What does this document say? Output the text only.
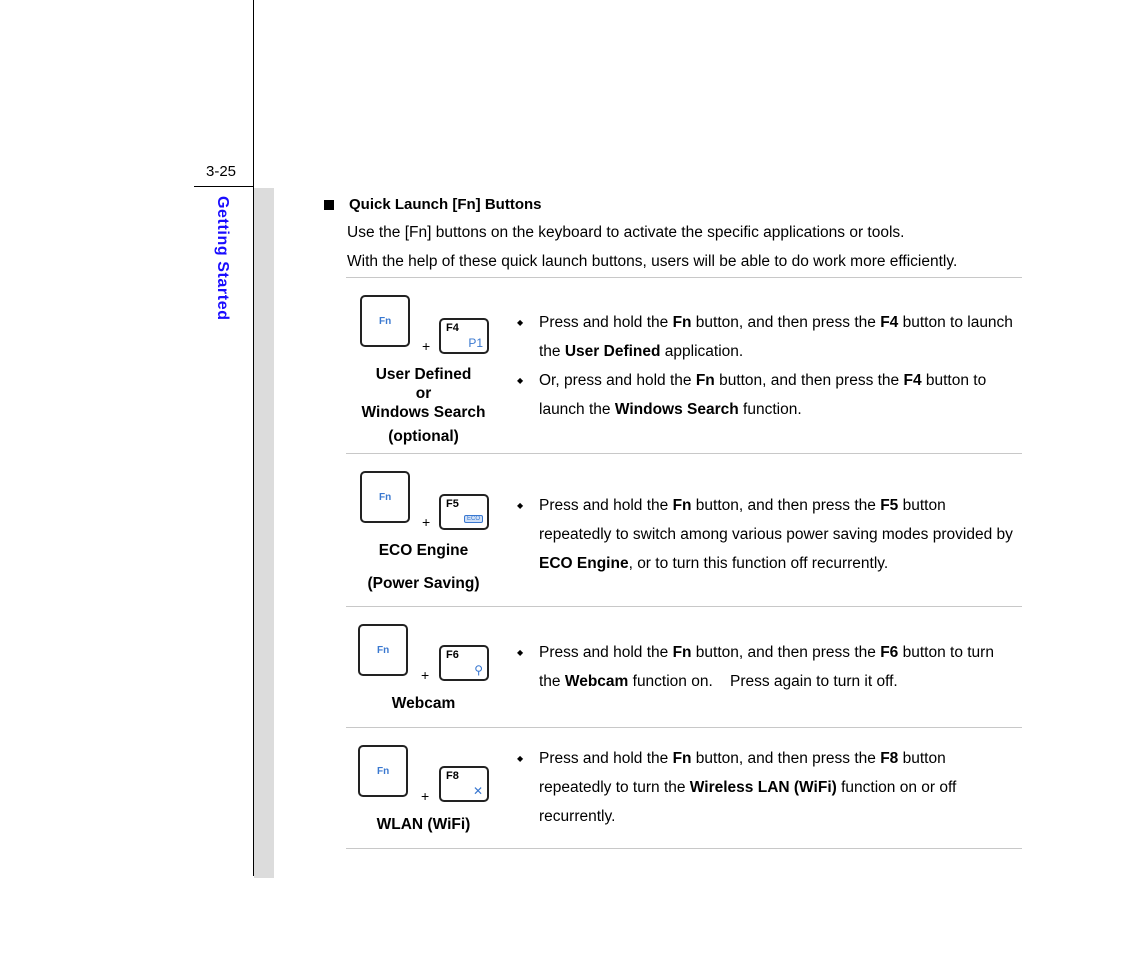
3-25
Getting Started	Quick Launch [Fn] Buttons
Use the [Fn] buttons on the keyboard to activate the specific applications or tools.
With the help of these quick launch buttons, users will be able to do work more efficiently.
Fn
+
F4
P1
User Defined
or
Windows Search
(optional)
◆ Press and hold the Fn button, and then press the F4 button to launch the User Defined application.
◆ Or, press and hold the Fn button, and then press the F4 button to launch the Windows Search function.
Fn
+
F5
ECO
ECO Engine
(Power Saving)
◆ Press and hold the Fn button, and then press the F5 button repeatedly to switch among various power saving modes provided by ECO Engine, or to turn this function off recurrently.
Fn
+
F6
⚲
Webcam
◆ Press and hold the Fn button, and then press the F6 button to turn the Webcam function on.    Press again to turn it off.
Fn
+
F8
✕
WLAN (WiFi)
◆ Press and hold the Fn button, and then press the F8 button repeatedly to turn the Wireless LAN (WiFi) function on or off recurrently.
